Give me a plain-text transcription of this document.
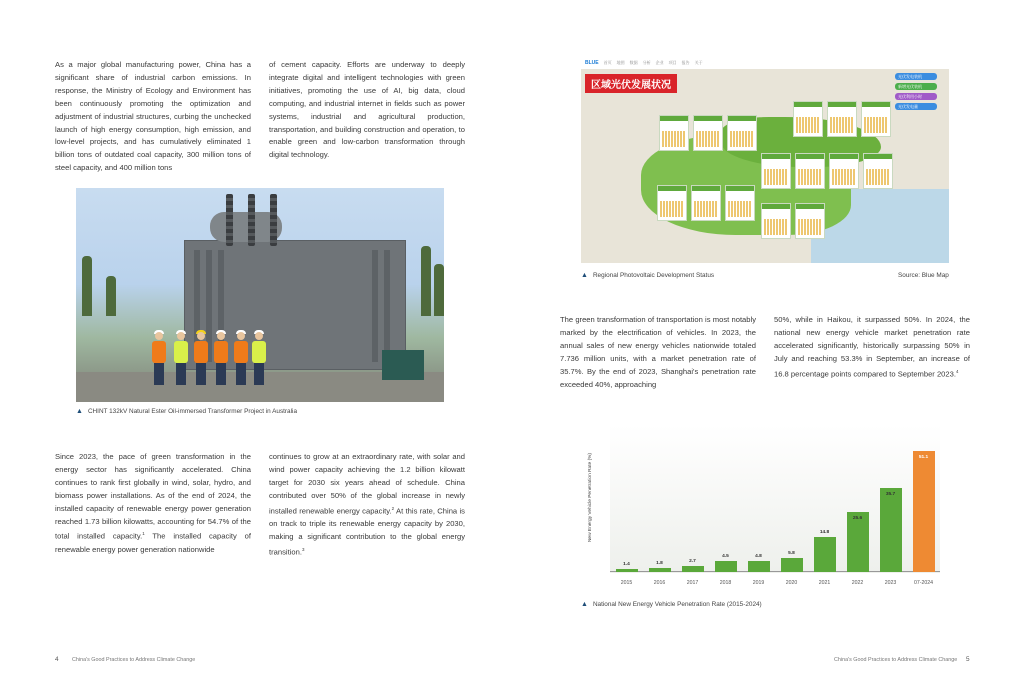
As a major global manufacturing power, China has a significant share of industrial carbon emissions. In response, the Ministry of Ecology and Environment has been continuously promoting the optimization and adjustment of industrial structures, curbing the unchecked launch of high energy consumption, high emission, and low-level projects, and has cumulatively eliminated 1 billion tons of outdated coal capacity, 300 million tons of steel capacity, and 400 million tons

of cement capacity. Efforts are underway to deeply integrate digital and intelligent technologies with green initiatives, promoting the use of AI, big data, cloud computing, and industrial internet in fields such as power systems, industrial and agricultural production, transportation, and building construction and operation, to enable green and low-carbon transformation through digital technology.

▲ CHINT 132kV Natural Ester Oil-immersed Transformer Project in Australia

Since 2023, the pace of green transformation in the energy sector has significantly accelerated. China continues to rank first globally in wind, solar, hydro, and biomass power installations. As of the end of 2024, the installed capacity of renewable energy power generation reached 1.73 billion kilowatts, accounting for 54.7% of the total installed capacity.$^1$ The installed capacity of renewable energy power generation nationwide

continues to grow at an extraordinary rate, with solar and wind power capacity achieving the 1.2 billion kilowatt target for 2030 six years ahead of schedule. China contributed over 50% of the global increase in newly installed renewable energy capacity.$^2$ At this rate, China is on track to triple its renewable energy capacity by 2030, making a significant contribution to the global energy transition.$^3$

4 China's Good Practices to Address Climate Change
BLUE 首页 地图 数据 分析 企业 项目 报告 关于
区域光伏发展状况
光伏发电装机
新增光伏装机
光伏利用小时
光伏发电量
▲ Regional Photovoltaic Development Status	Source: Blue Map

The green transformation of transportation is most notably marked by the electrification of vehicles. In 2023, the annual sales of new energy vehicles nationwide totaled 7.736 million units, with a market penetration rate of 35.7%. By the end of 2023, Shanghai's penetration rate exceeded 40%, approaching

50%, while in Haikou, it surpassed 50%. In 2024, the national new energy vehicle market penetration rate accelerated significantly, historically surpassing 50% in July and reaching 53.3% in September, an increase of 16.8 percentage points compared to September 2023.$^4$

New Energy Vehicle Penetration Rate (%)
1.4
2015
1.8
2016
2.7
2017
4.5
2018
4.8
2019
5.8
2020
14.8
2021
25.6
2022
35.7
2023
51.1
07-2024
▲ National New Energy Vehicle Penetration Rate (2015-2024)
China's Good Practices to Address Climate Change 5
